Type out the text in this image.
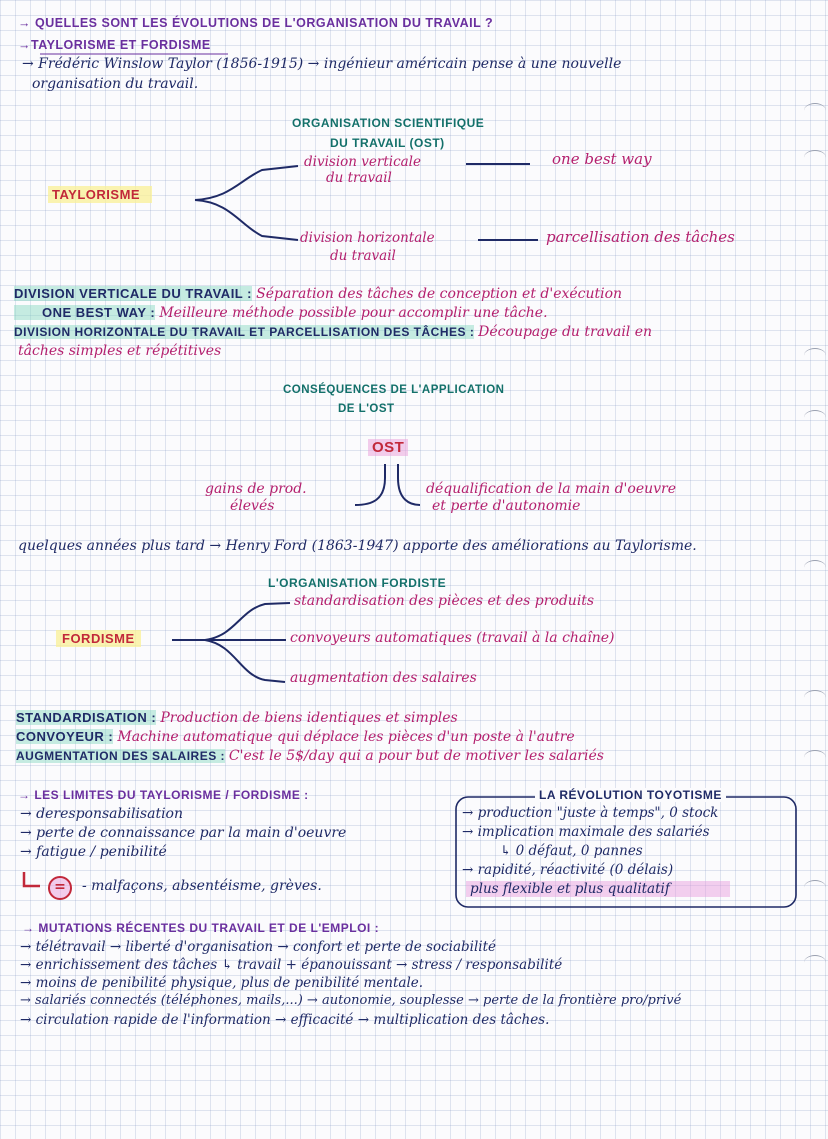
→ QUELLES SONT LES ÉVOLUTIONS DE L'ORGANISATION DU TRAVAIL ?
→TAYLORISME ET FORDISME
→ Frédéric Winslow Taylor (1856-1915) → ingénieur américain pense à une nouvelle
organisation du travail.
ORGANISATION SCIENTIFIQUE
DU TRAVAIL (OST)
TAYLORISME
division verticale
du travail
one best way
division horizontale
du travail
parcellisation des tâches
DIVISION VERTICALE DU TRAVAIL : Séparation des tâches de conception et d'exécution
ONE BEST WAY : Meilleure méthode possible pour accomplir une tâche.
DIVISION HORIZONTALE DU TRAVAIL ET PARCELLISATION DES TÂCHES : Découpage du travail en
tâches simples et répétitives
CONSÉQUENCES DE L'APPLICATION
DE L'OST
OST
gains de prod.
élevés
déqualification de la main d'oeuvre
et perte d'autonomie
quelques années plus tard → Henry Ford (1863-1947) apporte des améliorations au Taylorisme.
L'ORGANISATION FORDISTE
FORDISME
standardisation des pièces et des produits
convoyeurs automatiques (travail à la chaîne)
augmentation des salaires
STANDARDISATION : Production de biens identiques et simples
CONVOYEUR : Machine automatique qui déplace les pièces d'un poste à l'autre
AUGMENTATION DES SALAIRES : C'est le 5$/day qui a pour but de motiver les salariés
→ LES LIMITES DU TAYLORISME / FORDISME :
→ deresponsabilisation
→ perte de connaissance par la main d'oeuvre
→ fatigue / penibilité
=	- malfaçons, absentéisme, grèves.
LA RÉVOLUTION TOYOTISME
→ production "juste à temps", 0 stock
→ implication maximale des salariés
↳ 0 défaut, 0 pannes
→ rapidité, réactivité (0 délais)
plus flexible et plus qualitatif
→ MUTATIONS RÉCENTES DU TRAVAIL ET DE L'EMPLOI :
→ télétravail → liberté d'organisation → confort et perte de sociabilité
→ enrichissement des tâches ↳ travail + épanouissant → stress / responsabilité
→ moins de penibilité physique, plus de penibilité mentale.
→ salariés connectés (téléphones, mails,...) → autonomie, souplesse → perte de la frontière pro/privé
→ circulation rapide de l'information → efficacité → multiplication des tâches.
